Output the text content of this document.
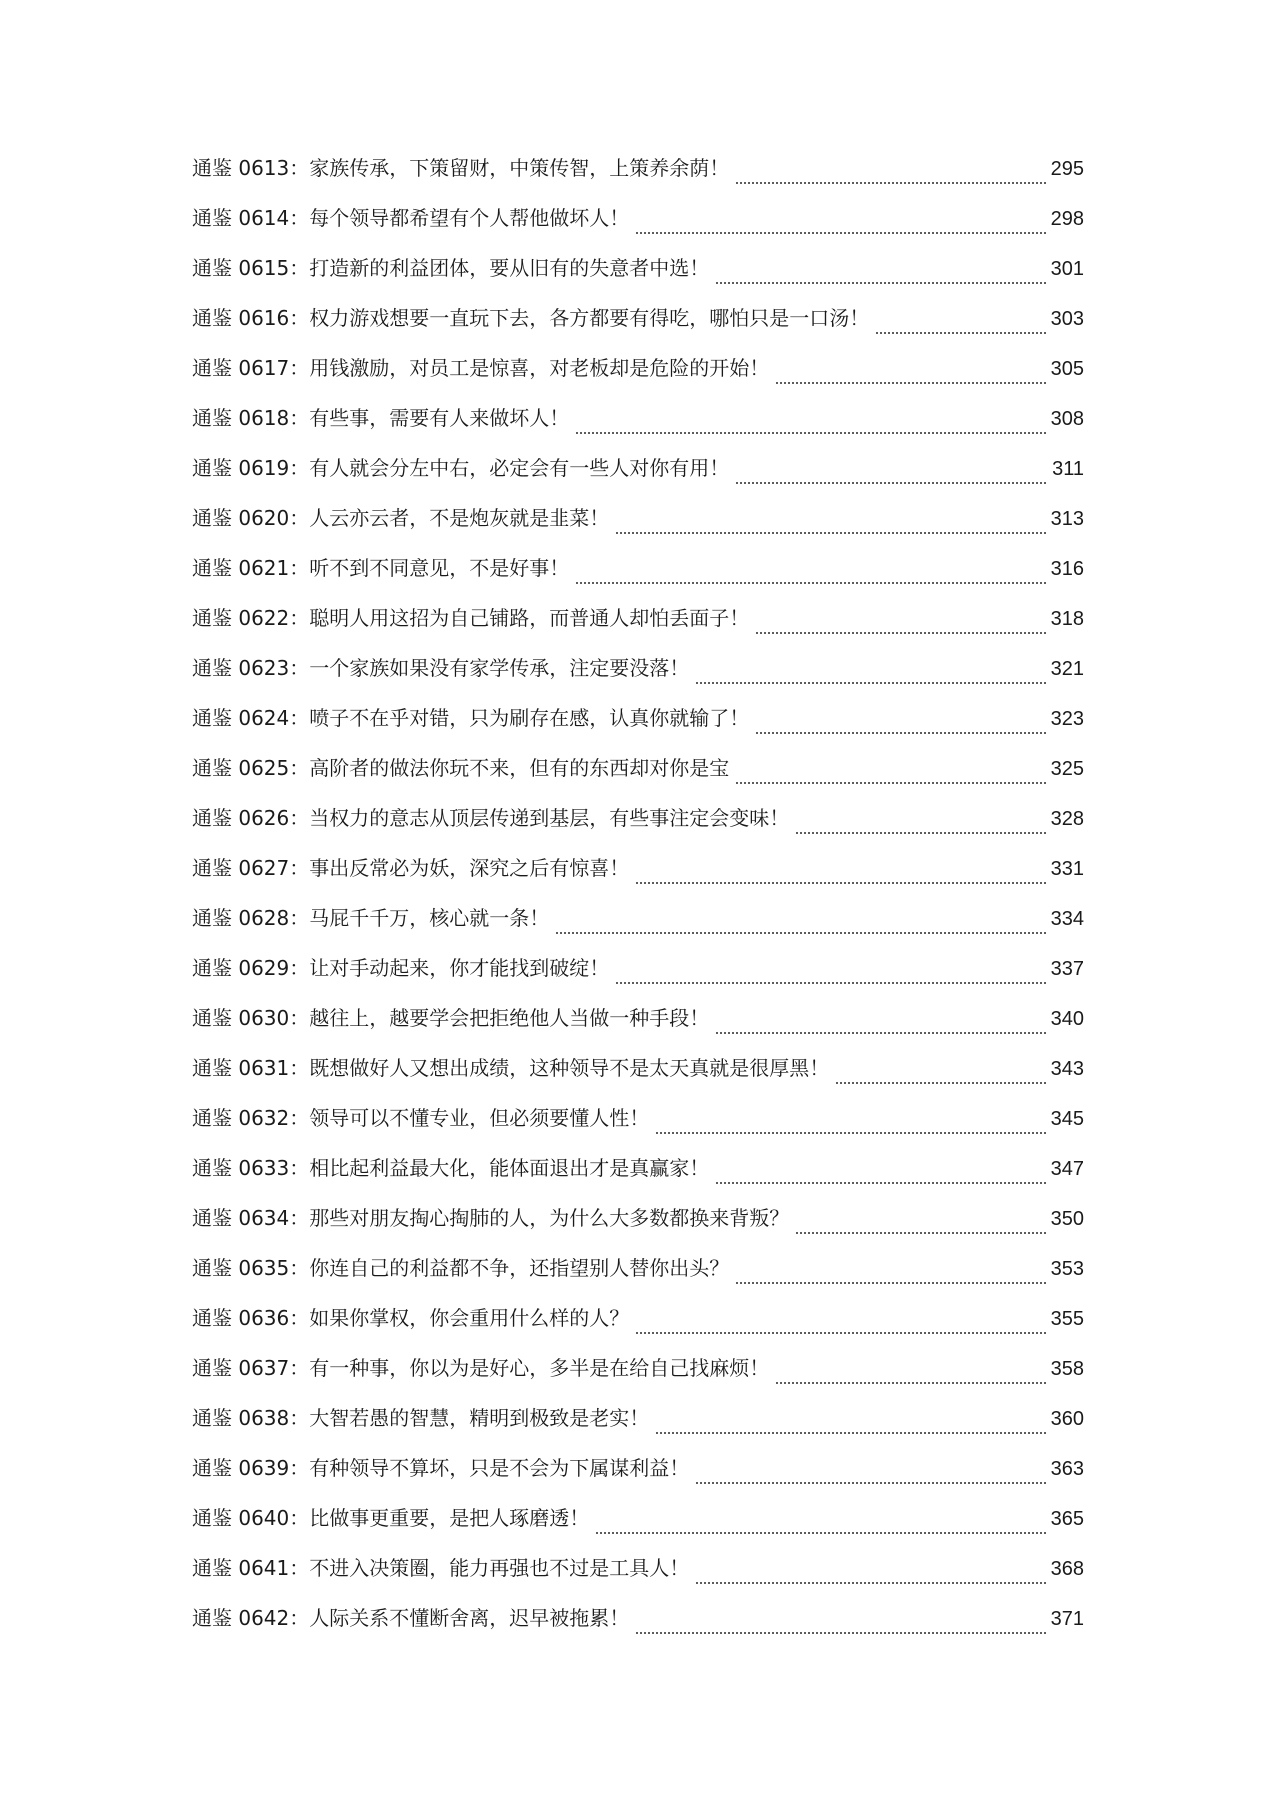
通鉴 0613：家族传承，下策留财，中策传智，上策养余荫！	295
通鉴 0614：每个领导都希望有个人帮他做坏人！	298
通鉴 0615：打造新的利益团体，要从旧有的失意者中选！	301
通鉴 0616：权力游戏想要一直玩下去，各方都要有得吃，哪怕只是一口汤！	303
通鉴 0617：用钱激励，对员工是惊喜，对老板却是危险的开始！	305
通鉴 0618：有些事，需要有人来做坏人！	308
通鉴 0619：有人就会分左中右，必定会有一些人对你有用！	311
通鉴 0620：人云亦云者，不是炮灰就是韭菜！	313
通鉴 0621：听不到不同意见，不是好事！	316
通鉴 0622：聪明人用这招为自己铺路，而普通人却怕丢面子！	318
通鉴 0623：一个家族如果没有家学传承，注定要没落！	321
通鉴 0624：喷子不在乎对错，只为刷存在感，认真你就输了！	323
通鉴 0625：高阶者的做法你玩不来，但有的东西却对你是宝	325
通鉴 0626：当权力的意志从顶层传递到基层，有些事注定会变味！	328
通鉴 0627：事出反常必为妖，深究之后有惊喜！	331
通鉴 0628：马屁千千万，核心就一条！	334
通鉴 0629：让对手动起来，你才能找到破绽！	337
通鉴 0630：越往上，越要学会把拒绝他人当做一种手段！	340
通鉴 0631：既想做好人又想出成绩，这种领导不是太天真就是很厚黑！	343
通鉴 0632：领导可以不懂专业，但必须要懂人性！	345
通鉴 0633：相比起利益最大化，能体面退出才是真赢家！	347
通鉴 0634：那些对朋友掏心掏肺的人，为什么大多数都换来背叛？	350
通鉴 0635：你连自己的利益都不争，还指望别人替你出头？	353
通鉴 0636：如果你掌权，你会重用什么样的人？	355
通鉴 0637：有一种事，你以为是好心，多半是在给自己找麻烦！	358
通鉴 0638：大智若愚的智慧，精明到极致是老实！	360
通鉴 0639：有种领导不算坏，只是不会为下属谋利益！	363
通鉴 0640：比做事更重要，是把人琢磨透！	365
通鉴 0641：不进入决策圈，能力再强也不过是工具人！	368
通鉴 0642：人际关系不懂断舍离，迟早被拖累！	371
